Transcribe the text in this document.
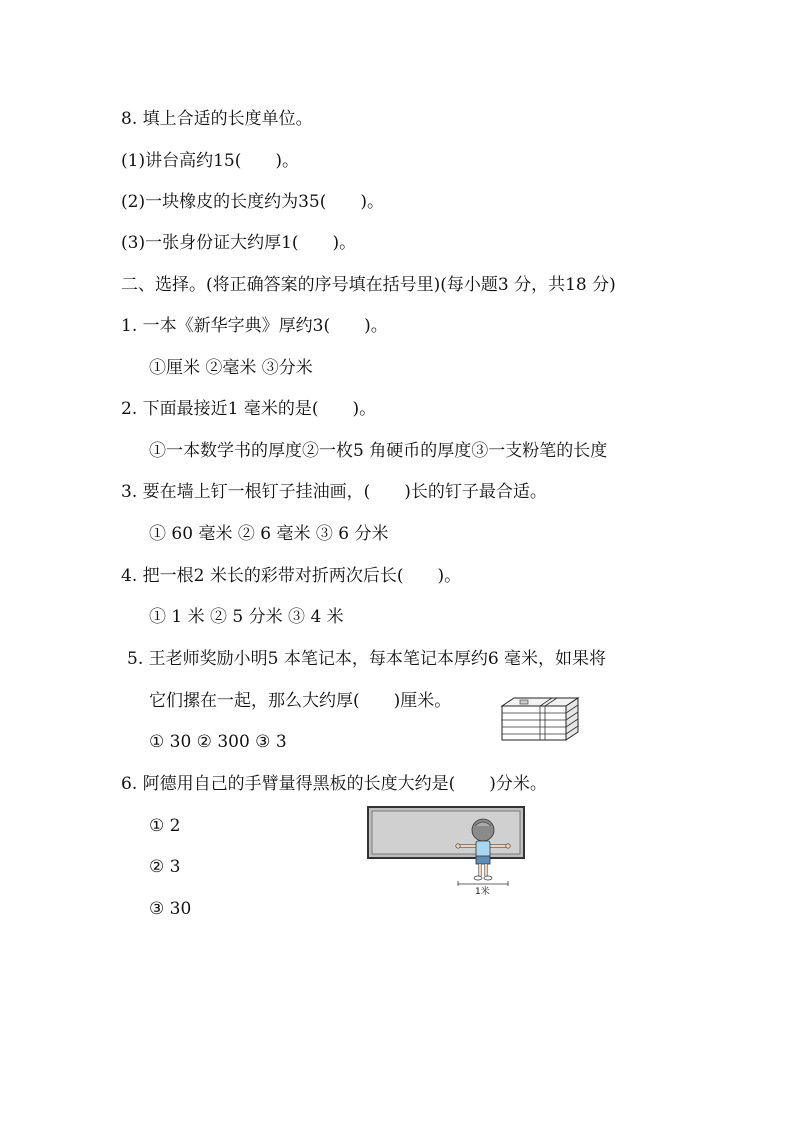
8. 填上合适的长度单位。
(1)讲台高约15(　　)。
(2)一块橡皮的长度约为35(　　)。
(3)一张身份证大约厚1(　　)。
二、选择。(将正确答案的序号填在括号里)(每小题3 分，共18 分)
1. 一本《新华字典》厚约3(　　)。
①厘米 ②毫米 ③分米
2. 下面最接近1 毫米的是(　　)。
①一本数学书的厚度②一枚5 角硬币的厚度③一支粉笔的长度
3. 要在墙上钉一根钉子挂油画，(　　)长的钉子最合适。
① 60 毫米 ② 6 毫米 ③ 6 分米
4. 把一根2 米长的彩带对折两次后长(　　)。
① 1 米 ② 5 分米 ③ 4 米
5. 王老师奖励小明5 本笔记本，每本笔记本厚约6 毫米，如果将
它们摞在一起，那么大约厚(　　)厘米。
① 30 ② 300 ③ 3
6. 阿德用自己的手臂量得黑板的长度大约是(　　)分米。
① 2
② 3
③ 30
1米
